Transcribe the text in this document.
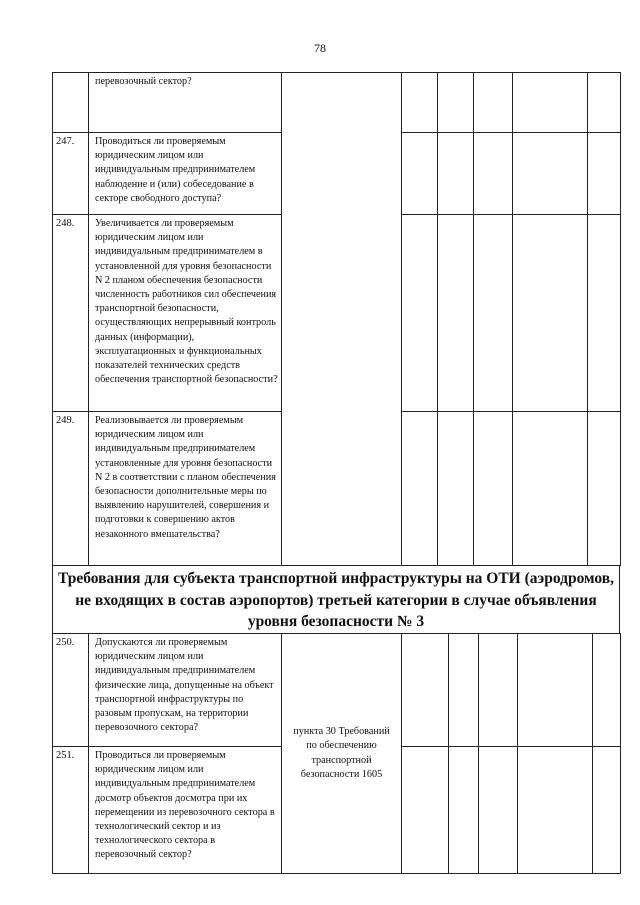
78
	перевозочный сектор?	

247.	Проводиться ли проверяемым юридическим лицом или индивидуальным предпринимателем наблюдение и (или) собеседование в секторе свободного доступа?						
248.	Увеличивается ли проверяемым юридическим лицом или индивидуальным предпринимателем в установленной для уровня безопасности N 2 планом обеспечения безопасности численность работников сил обеспечения транспортной безопасности, осуществляющих непрерывный контроль данных (информации), эксплуатационных и функциональных показателей технических средств обеспечения транспортной безопасности?						
249.	Реализовывается ли проверяемым юридическим лицом или индивидуальным предпринимателем установленные для уровня безопасности N 2 в соответствии с планом обеспечения безопасности дополнительные меры по выявлению нарушителей, совершения и подготовки к совершению актов незаконного вмешательства?						
Требования для субъекта транспортной инфраструктуры на ОТИ (аэродромов, не входящих в состав аэропортов) третьей категории в случае объявления уровня безопасности № 3
250.	Допускаются ли проверяемым юридическим лицом или индивидуальным предпринимателем физические лица, допущенные на объект транспортной инфраструктуры по разовым пропускам, на территории перевозочного сектора?	пункта 30 Требований по обеспечению транспортной безопасности 1605					

251.	Проводиться ли проверяемым юридическим лицом или индивидуальным предпринимателем досмотр объектов досмотра при их перемещении из перевозочного сектора в технологический сектор и из технологического сектора в перевозочный сектор?						
